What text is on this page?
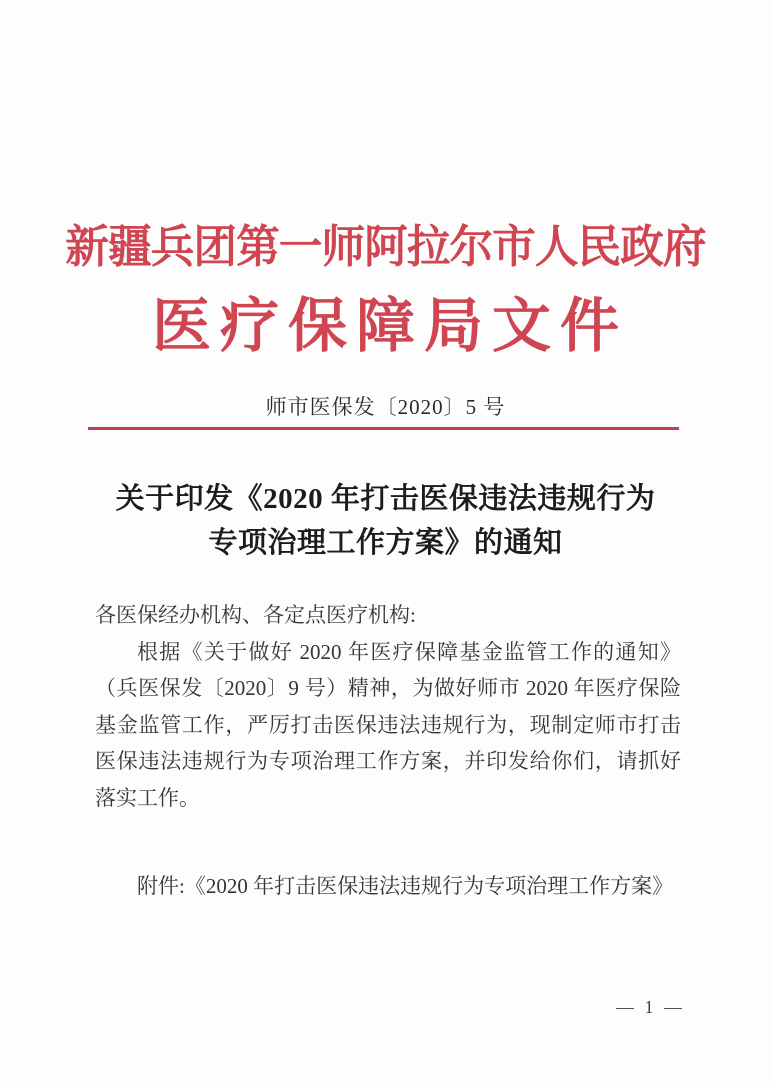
新疆兵团第一师阿拉尔市人民政府
医疗保障局文件
师市医保发〔2020〕5 号
关于印发《2020 年打击医保违法违规行为
专项治理工作方案》的通知

各医保经办机构、各定点医疗机构:

根据《关于做好 2020 年医疗保障基金监管工作的通知》（兵医保发〔2020〕9 号）精神，为做好师市 2020 年医疗保险基金监管工作，严厉打击医保违法违规行为，现制定师市打击医保违法违规行为专项治理工作方案，并印发给你们，请抓好落实工作。

附件:《2020 年打击医保违法违规行为专项治理工作方案》

— 1 —
